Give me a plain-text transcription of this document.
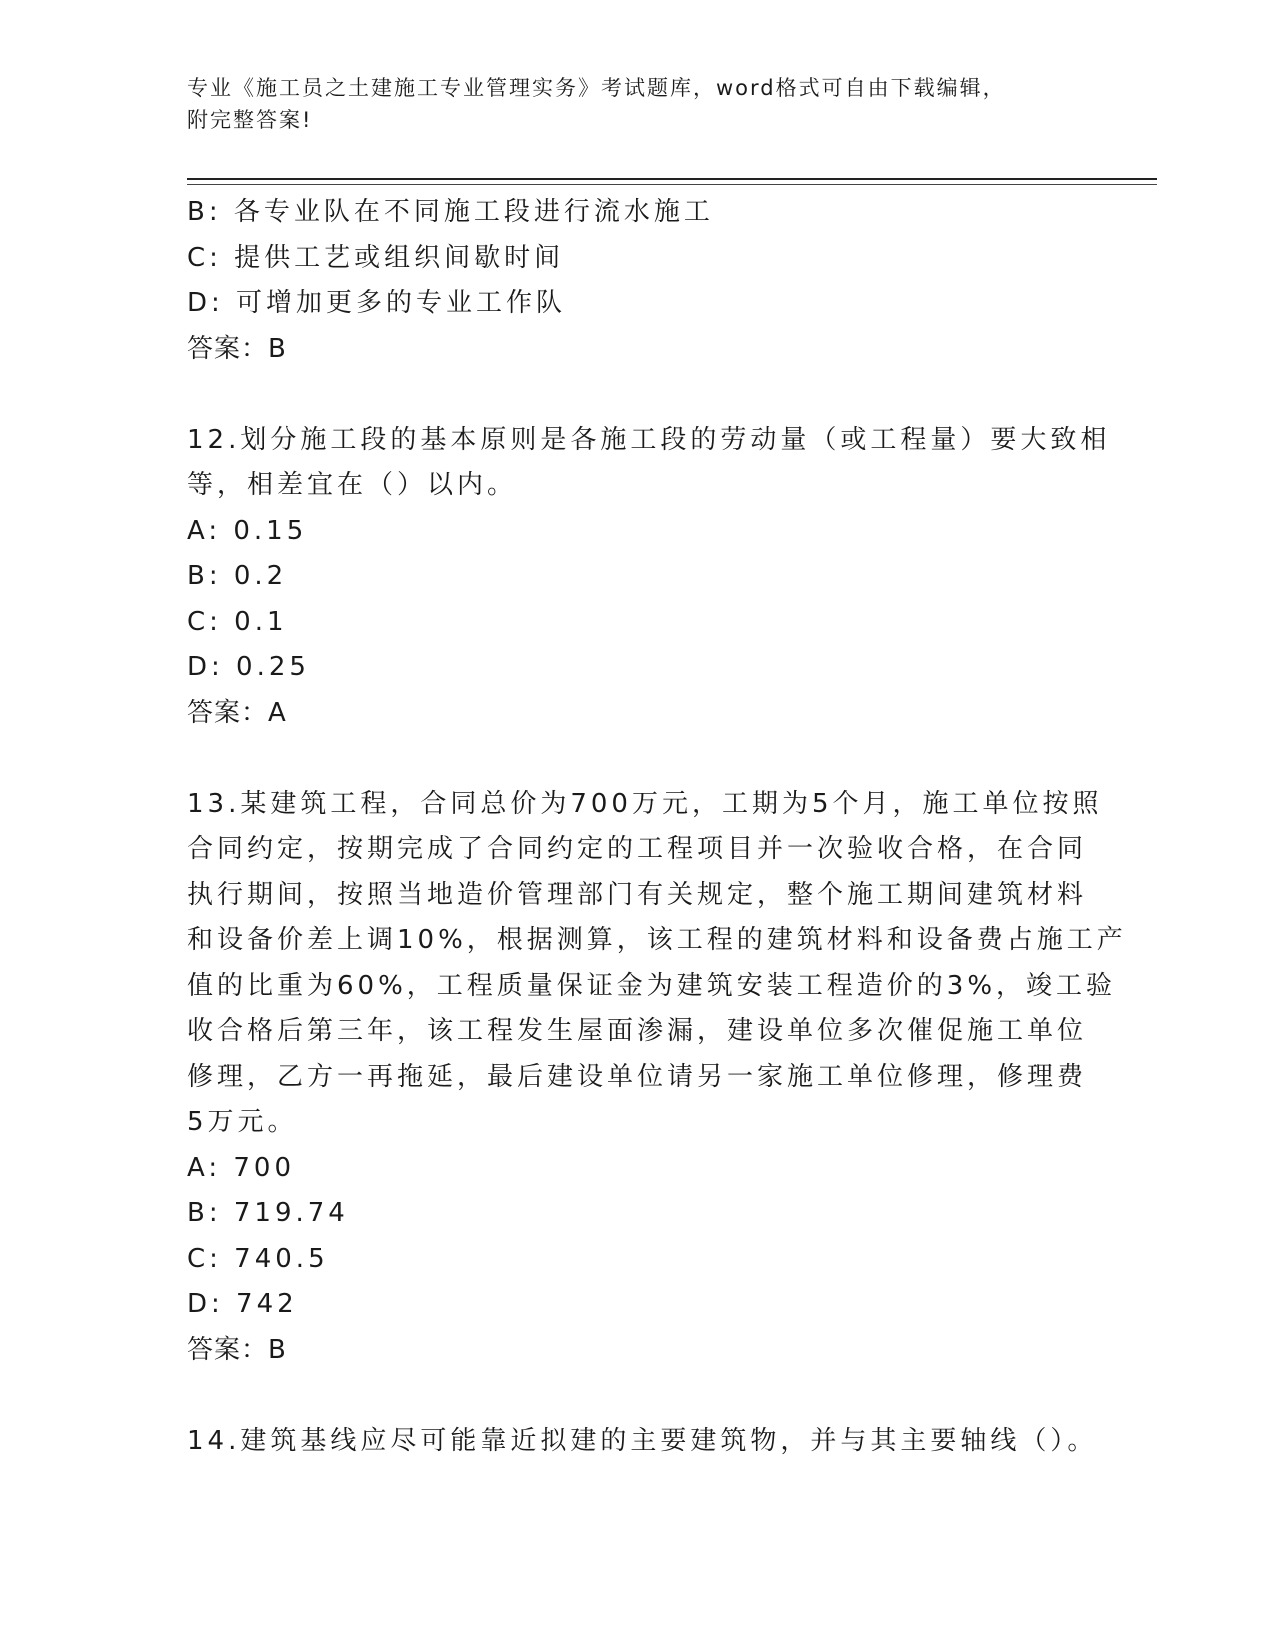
专业《施工员之土建施工专业管理实务》考试题库，word格式可自由下载编辑，
附完整答案!

B: 各专业队在不同施工段进行流水施工

C: 提供工艺或组织间歇时间

D: 可增加更多的专业工作队

答案：B

12.划分施工段的基本原则是各施工段的劳动量（或工程量）要大致相

等，相差宜在（）以内。

A: 0.15

B: 0.2

C: 0.1

D: 0.25

答案：A

13.某建筑工程，合同总价为700万元，工期为5个月，施工单位按照

合同约定，按期完成了合同约定的工程项目并一次验收合格，在合同

执行期间，按照当地造价管理部门有关规定，整个施工期间建筑材料

和设备价差上调10%，根据测算，该工程的建筑材料和设备费占施工产

值的比重为60%，工程质量保证金为建筑安装工程造价的3%，竣工验

收合格后第三年，该工程发生屋面渗漏，建设单位多次催促施工单位

修理，乙方一再拖延，最后建设单位请另一家施工单位修理，修理费

5万元。

A: 700

B: 719.74

C: 740.5

D: 742

答案：B

14.建筑基线应尽可能靠近拟建的主要建筑物，并与其主要轴线（）。
